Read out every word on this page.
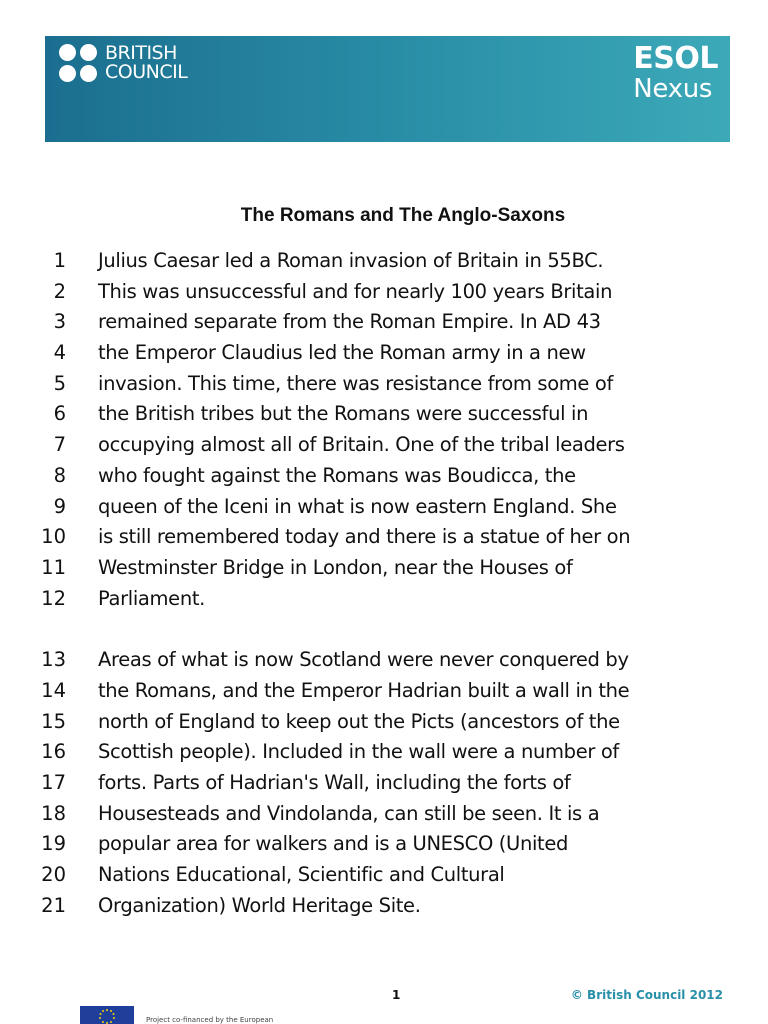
BRITISH
COUNCIL	ESOL
Nexus
The Romans and The Anglo-Saxons
1 Julius Caesar led a Roman invasion of Britain in 55BC.
2 This was unsuccessful and for nearly 100 years Britain
3 remained separate from the Roman Empire. In AD 43
4 the Emperor Claudius led the Roman army in a new
5 invasion. This time, there was resistance from some of
6 the British tribes but the Romans were successful in
7 occupying almost all of Britain. One of the tribal leaders
8 who fought against the Romans was Boudicca, the
9 queen of the Iceni in what is now eastern England. She
10 is still remembered today and there is a statue of her on
11 Westminster Bridge in London, near the Houses of
12 Parliament.
13 Areas of what is now Scotland were never conquered by
14 the Romans, and the Emperor Hadrian built a wall in the
15 north of England to keep out the Picts (ancestors of the
16 Scottish people). Included in the wall were a number of
17 forts. Parts of Hadrian's Wall, including the forts of
18 Housesteads and Vindolanda, can still be seen. It is a
19 popular area for walkers and is a UNESCO (United
20 Nations Educational, Scientific and Cultural
21 Organization) World Heritage Site.
1	© British Council 2012
Project co-financed by the European
